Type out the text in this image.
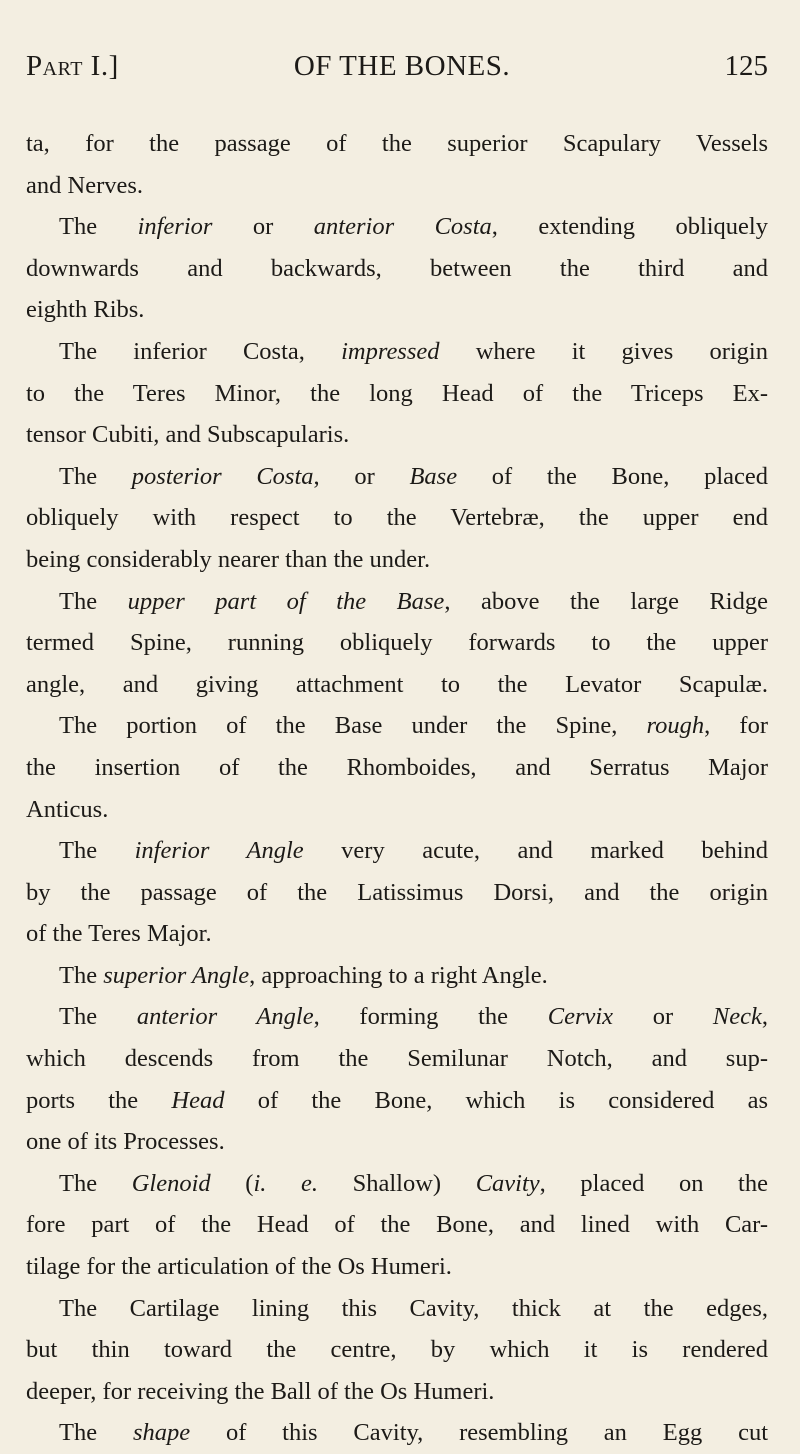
Part I.]	OF THE BONES.	125
ta, for the passage of the superior Scapulary Vessels
and Nerves.
The inferior or anterior Costa, extending obliquely
downwards and backwards, between the third and
eighth Ribs.
The inferior Costa, impressed where it gives origin
to the Teres Minor, the long Head of the Triceps Ex-
tensor Cubiti, and Subscapularis.
The posterior Costa, or Base of the Bone, placed
obliquely with respect to the Vertebræ, the upper end
being considerably nearer than the under.
The upper part of the Base, above the large Ridge
termed Spine, running obliquely forwards to the upper
angle, and giving attachment to the Levator Scapulæ.
The portion of the Base under the Spine, rough, for
the insertion of the Rhomboides, and Serratus Major
Anticus.
The inferior Angle very acute, and marked behind
by the passage of the Latissimus Dorsi, and the origin
of the Teres Major.
The superior Angle, approaching to a right Angle.
The anterior Angle, forming the Cervix or Neck,
which descends from the Semilunar Notch, and sup-
ports the Head of the Bone, which is considered as
one of its Processes.
The Glenoid (i. e. Shallow) Cavity, placed on the
fore part of the Head of the Bone, and lined with Car-
tilage for the articulation of the Os Humeri.
The Cartilage lining this Cavity, thick at the edges,
but thin toward the centre, by which it is rendered
deeper, for receiving the Ball of the Os Humeri.
The shape of this Cavity, resembling an Egg cut
